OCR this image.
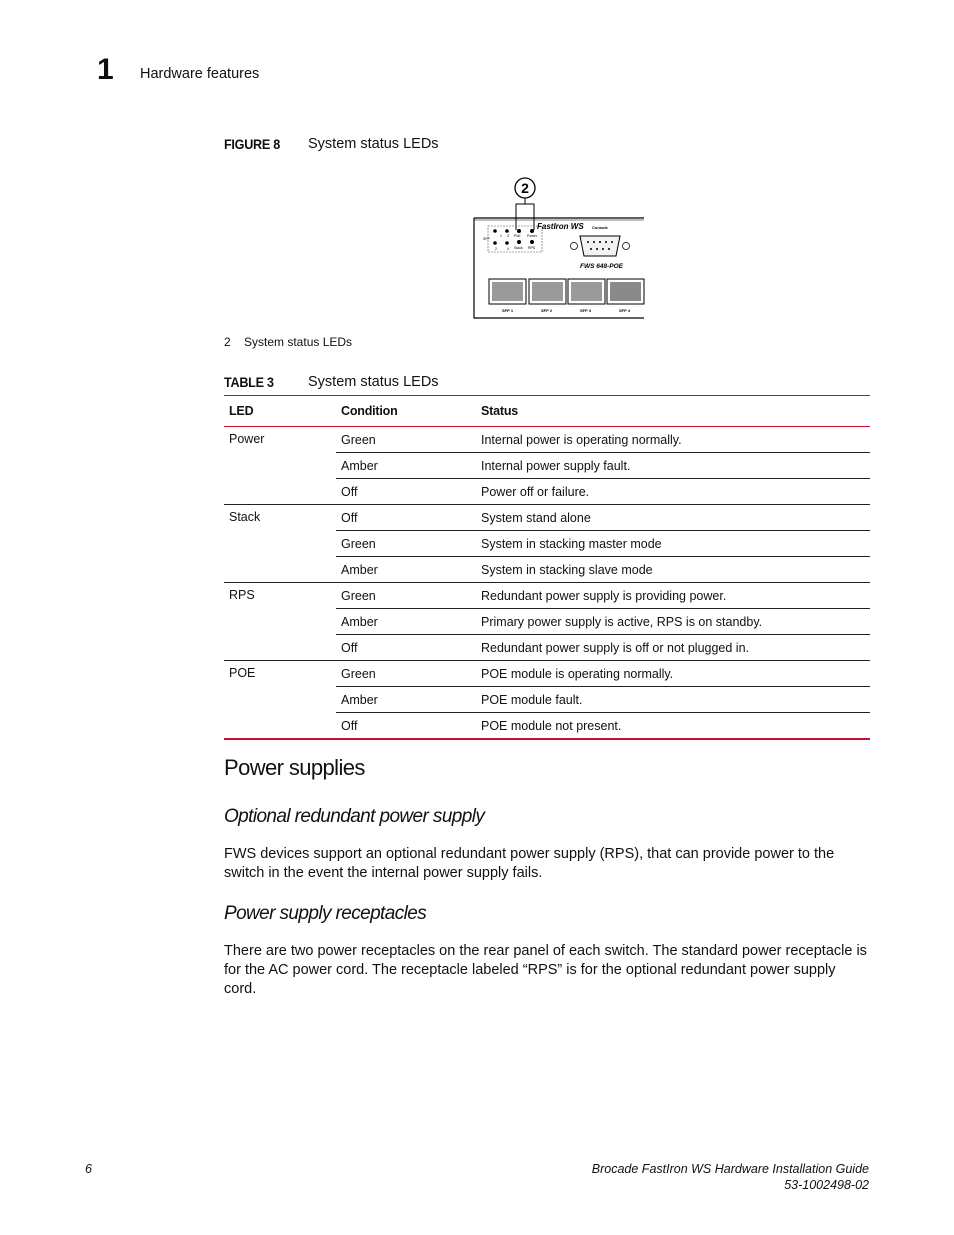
1 Hardware features
FIGURE 8 System status LEDs
2
SFP
PoE Power
Stack RPS
1 3
2	4
FastIron WS Console
FWS 648-POE
SFP 1	SFP 2	SFP 3	SFP 4
2    System status LEDs
TABLE 3 System status LEDs
LED	Condition	Status
Power	Green	Internal power is operating normally.
	Amber	Internal power supply fault.
	Off	Power off or failure.
Stack	Off	System stand alone
	Green	System in stacking master mode
	Amber	System in stacking slave mode
RPS	Green	Redundant power supply is providing power.
	Amber	Primary power supply is active, RPS is on standby.
	Off	Redundant power supply is off or not plugged in.
POE	Green	POE module is operating normally.
	Amber	POE module fault.
	Off	POE module not present.
Power supplies
Optional redundant power supply
FWS devices support an optional redundant power supply (RPS), that can provide power to the switch in the event the internal power supply fails.
Power supply receptacles
There are two power receptacles on the rear panel of each switch. The standard power receptacle is for the AC power cord. The receptacle labeled “RPS” is for the optional redundant power supply cord.
6	Brocade FastIron WS Hardware Installation Guide
53-1002498-02
